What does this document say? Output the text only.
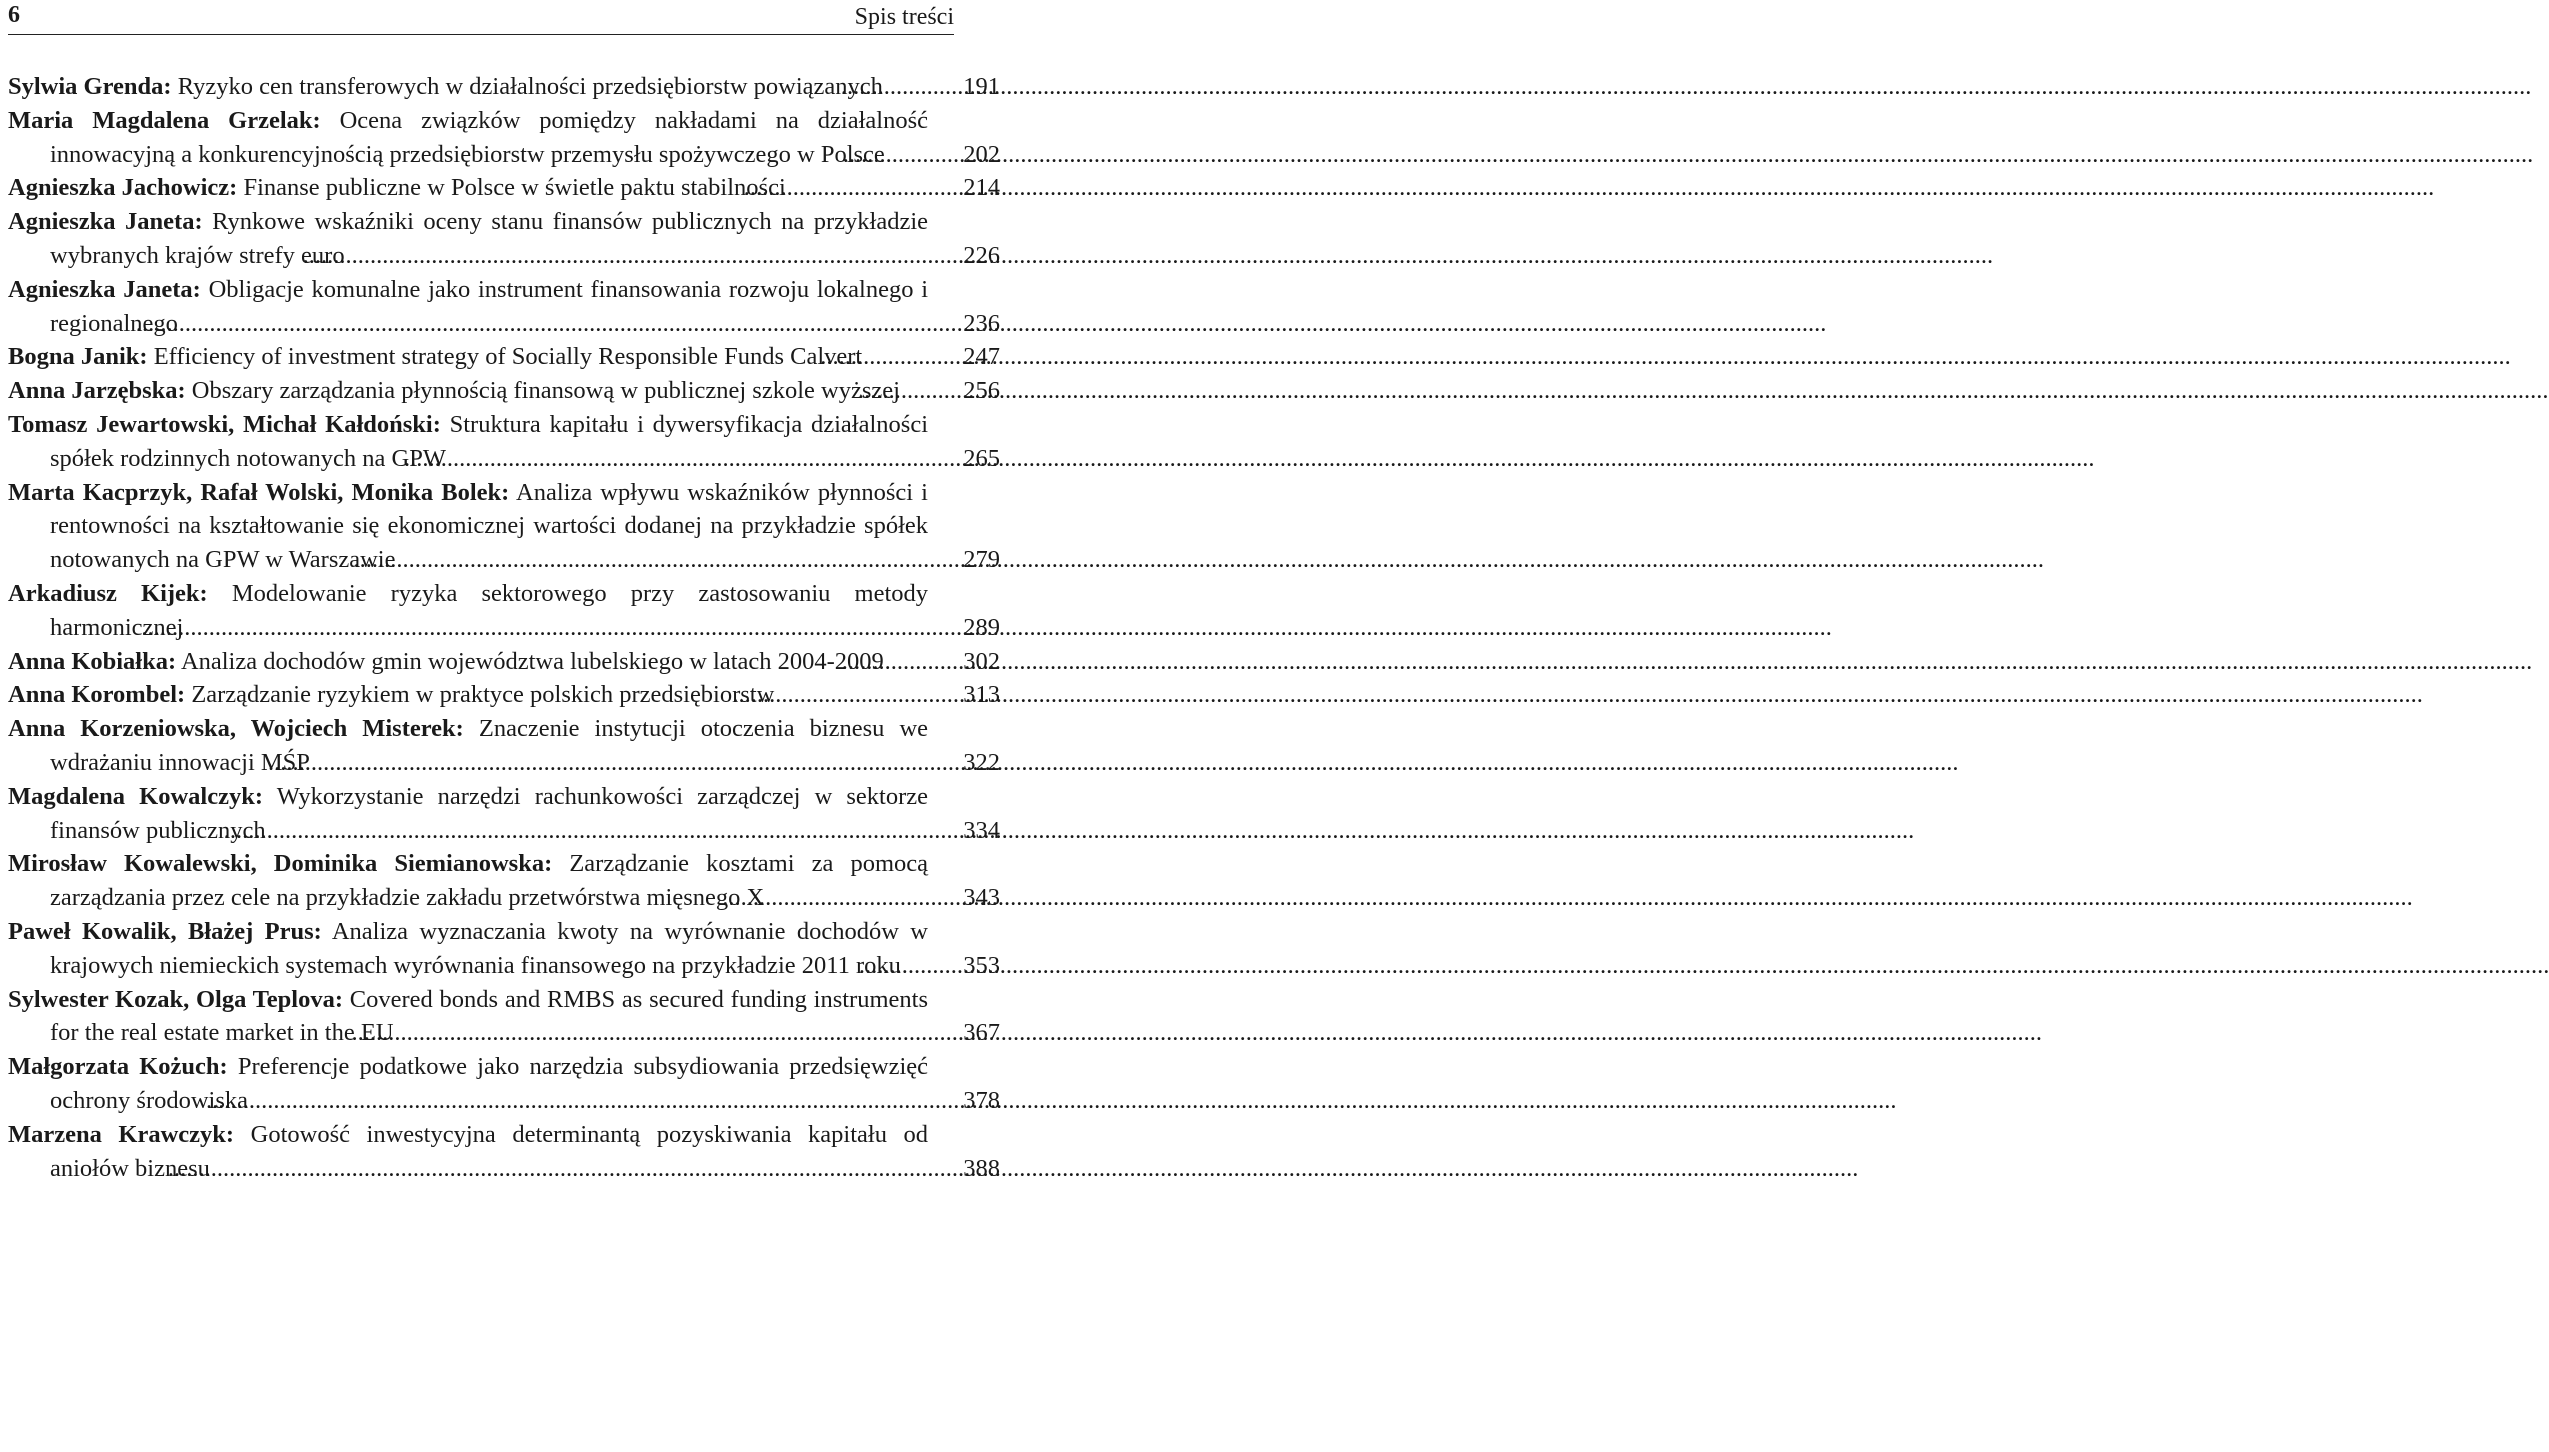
6	Spis treści
Sylwia Grenda: Ryzyko cen transferowych w działalności przedsiębiorstw powiązanych	191
Maria Magdalena Grzelak: Ocena związków pomiędzy nakładami na działalność innowacyjną a konkurencyjnością przedsiębiorstw przemysłu spożywczego w Polsce	202
Agnieszka Jachowicz: Finanse publiczne w Polsce w świetle paktu stabilności	214
Agnieszka Janeta: Rynkowe wskaźniki oceny stanu finansów publicznych na przykładzie wybranych krajów strefy euro	226
Agnieszka Janeta: Obligacje komunalne jako instrument finansowania rozwoju lokalnego i regionalnego	236
Bogna Janik: Efficiency of investment strategy of Socially Responsible Funds Calvert	247
Anna Jarzębska: Obszary zarządzania płynnością finansową w publicznej szkole wyższej	256
Tomasz Jewartowski, Michał Kałdoński: Struktura kapitału i dywersyfikacja działalności spółek rodzinnych notowanych na GPW	265
Marta Kacprzyk, Rafał Wolski, Monika Bolek: Analiza wpływu wskaźników płynności i rentowności na kształtowanie się ekonomicznej wartości dodanej na przykładzie spółek notowanych na GPW w Warszawie	279
Arkadiusz Kijek: Modelowanie ryzyka sektorowego przy zastosowaniu metody harmonicznej	289
Anna Kobiałka: Analiza dochodów gmin województwa lubelskiego w latach 2004-2009	302
Anna Korombel: Zarządzanie ryzykiem w praktyce polskich przedsiębiorstw	313
Anna Korzeniowska, Wojciech Misterek: Znaczenie instytucji otoczenia biznesu we wdrażaniu innowacji MŚP	322
Magdalena Kowalczyk: Wykorzystanie narzędzi rachunkowości zarządczej w sektorze finansów publicznych	334
Mirosław Kowalewski, Dominika Siemianowska: Zarządzanie kosztami za pomocą zarządzania przez cele na przykładzie zakładu przetwórstwa mięsnego X	343
Paweł Kowalik, Błażej Prus: Analiza wyznaczania kwoty na wyrównanie dochodów w krajowych niemieckich systemach wyrównania finansowego na przykładzie 2011 roku	353
Sylwester Kozak, Olga Teplova: Covered bonds and RMBS as secured funding instruments for the real estate market in the EU	367
Małgorzata Kożuch: Preferencje podatkowe jako narzędzia subsydiowania przedsięwzięć ochrony środowiska	378
Marzena Krawczyk: Gotowość inwestycyjna determinantą pozyskiwania kapitału od aniołów biznesu	388
